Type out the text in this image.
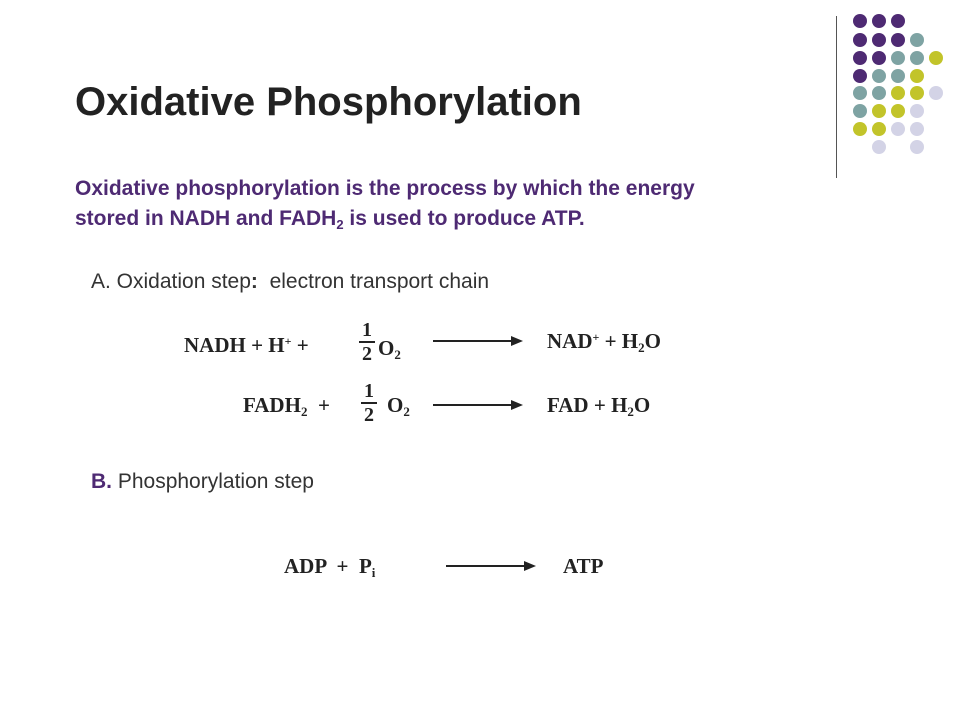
Oxidative Phosphorylation
Oxidative phosphorylation is the process by which the energy
stored in NADH and $FADH_2$ is used to produce ATP.
A. Oxidation step:  electron transport chain
NADH + H+ +
1
2 $O_2$
$NAD^+ + H_2O$
$FADH_2$  +
1
2 $O_2$	FAD + $H_2O$
B. Phosphorylation step
ADP  +  $P_i$	ATP
